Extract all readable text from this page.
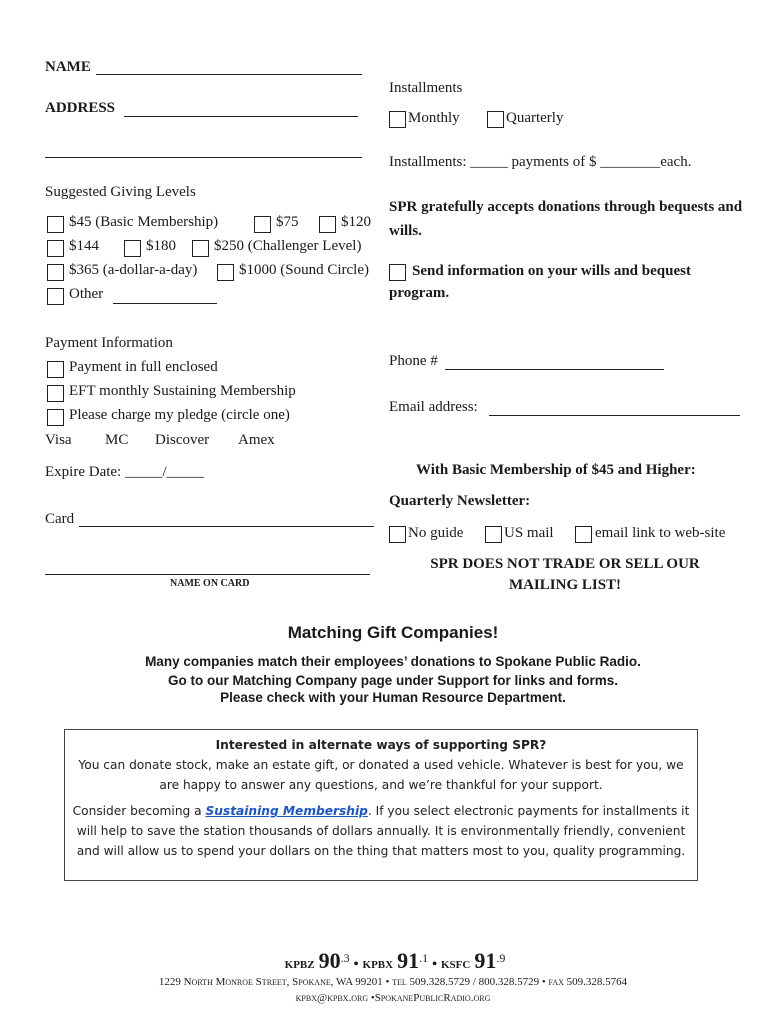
NAME
ADDRESS
Suggested Giving Levels
$45 (Basic Membership)	$75	$120
$144	$180	$250 (Challenger Level)
$365 (a-dollar-a-day)	$1000 (Sound Circle)
Other
Payment Information
Payment in full enclosed
EFT monthly Sustaining Membership
Please charge my pledge (circle one)
Visa MC Discover Amex
Expire Date: _____/_____
Card
NAME ON CARD
Installments
Monthly	Quarterly
Installments: _____ payments of $ ________each.
SPR gratefully accepts donations through bequests and wills.
Send information on your wills and bequest
program.
Phone #
Email address:
With Basic Membership of $45 and Higher:
Quarterly Newsletter:
No guide	US mail	email link to web-site
SPR DOES NOT TRADE OR SELL OUR
MAILING LIST!
Matching Gift Companies!
Many companies match their employees’ donations to Spokane Public Radio.
Go to our Matching Company page under Support for links and forms.
Please check with your Human Resource Department.

Interested in alternate ways of supporting SPR?

You can donate stock, make an estate gift, or donated a used vehicle. Whatever is best for you, we

are happy to answer any questions, and we’re thankful for your support.

Consider becoming a Sustaining Membership. If you select electronic payments for installments it

will help to save the station thousands of dollars annually. It is environmentally friendly, convenient

and will allow us to spend your dollars on the thing that matters most to you, quality programming.

KPBZ $90^{.3}$ • KPBX $91^{.1}$ • KSFC $91^{.9}$
1229 North Monroe Street, Spokane, WA 99201 • tel 509.328.5729 / 800.328.5729 • fax 509.328.5764
kpbx@kpbx.org •SpokanePublicRadio.org
